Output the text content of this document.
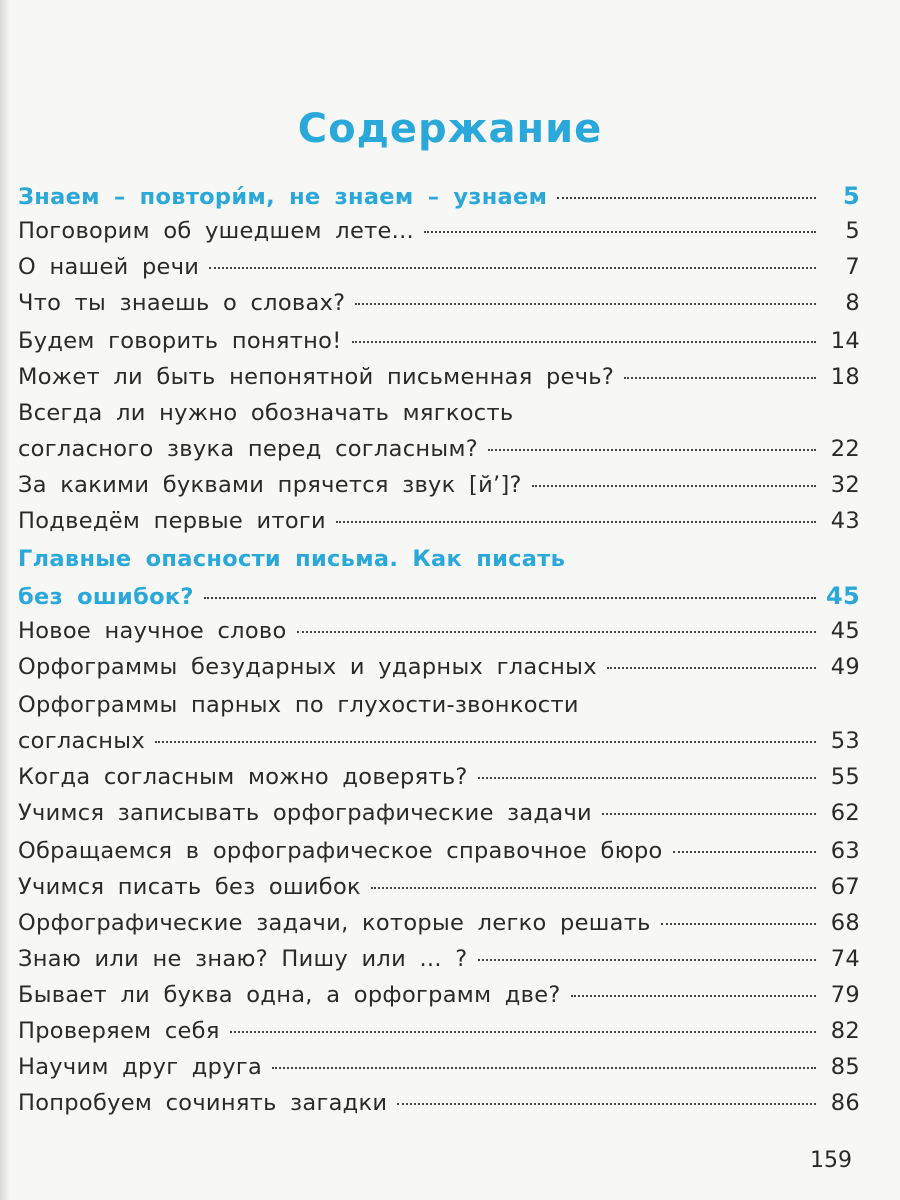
Содержание
Знаем – повтори́м, не знаем – узнаем	5
Поговорим об ушедшем лете...	5
О нашей речи	7
Что ты знаешь о словах?	8
Будем говорить понятно!	14
Может ли быть непонятной письменная речь?	18
Всегда ли нужно обозначать мягкость
согласного звука перед согласным?	22
За какими буквами прячется звук [й’]?	32
Подведём первые итоги	43
Главные опасности письма. Как писать
без ошибок?	45
Новое научное слово	45
Орфограммы безударных и ударных гласных	49
Орфограммы парных по глухости-звонкости
согласных	53
Когда согласным можно доверять?	55
Учимся записывать орфографические задачи	62
Обращаемся в орфографическое справочное бюро	63
Учимся писать без ошибок	67
Орфографические задачи, которые легко решать	68
Знаю или не знаю? Пишу или ... ?	74
Бывает ли буква одна, а орфограмм две?	79
Проверяем себя	82
Научим друг друга	85
Попробуем сочинять загадки	86
159
